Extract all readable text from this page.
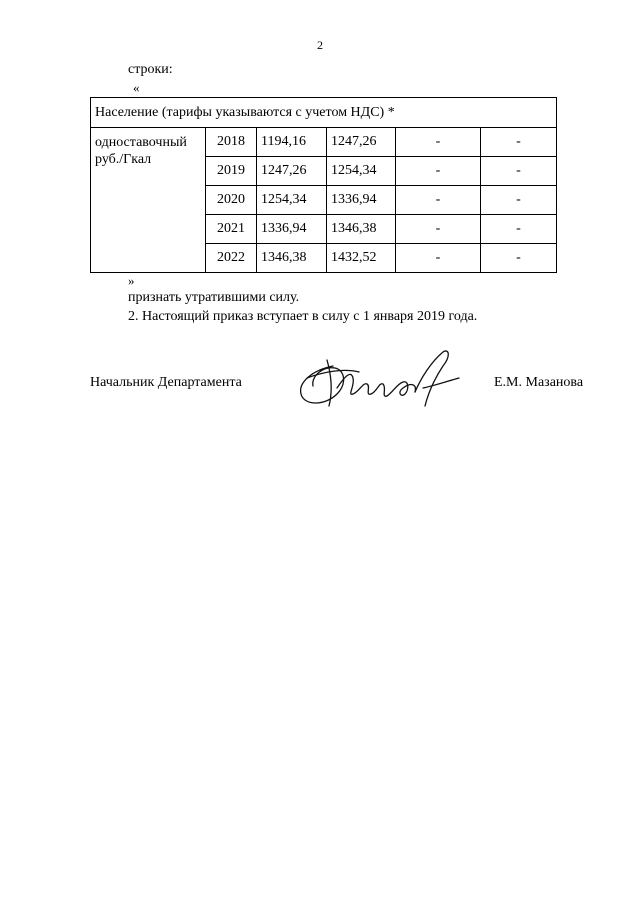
2
строки:
«
Население (тарифы указываются с учетом НДС) *					
одноставочный
руб./Гкал	2018	1194,16	1247,26	-	-
	2019	1247,26	1254,34	-	-
	2020	1254,34	1336,94	-	-
	2021	1336,94	1346,38	-	-
	2022	1346,38	1432,52	-	-
»
признать утратившими силу.
2. Настоящий приказ вступает в силу с 1 января 2019 года.
Начальник Департамента	Е.М. Мазанова
